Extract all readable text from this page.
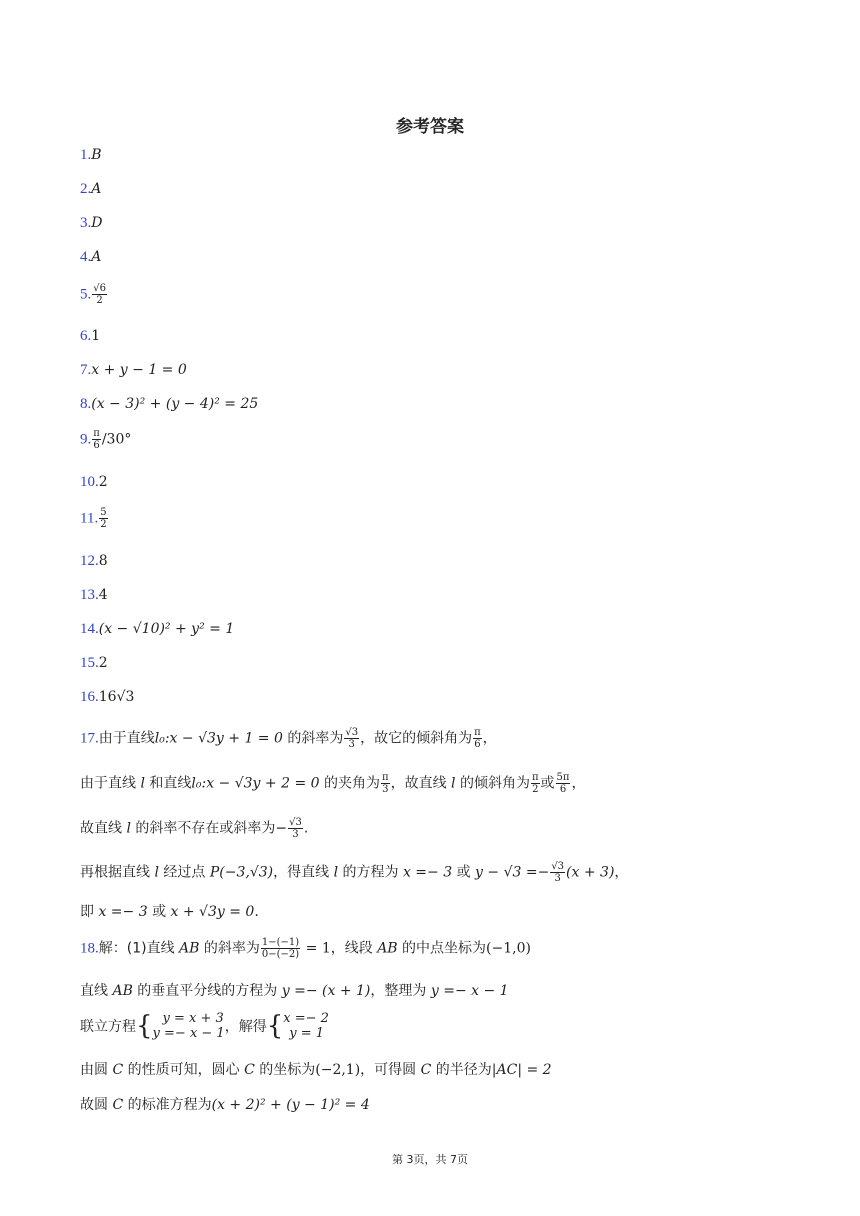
参考答案
1.B
2.A
3.D
4.A
5. $\frac{√6}{2}$
6.1
7.x + y − 1 = 0
8.(x − 3)² + (y − 4)² = 25
9. $\frac{\pi}{6} /30^\circ$
10.2
11. $\frac{5}{2}$
12.8
13.4
14.(x − √10)² + y² = 1
15.2
16.16√3
17.由于直线l₀:x − √3y + 1 = 0 的斜率为 $\frac{√3}{3}$ ，故它的倾斜角为 $\frac{\pi}{6}$ ，
由于直线 l 和直线l₀:x − √3y + 2 = 0 的夹角为 $\frac{\pi}{3}$ ，故直线 l 的倾斜角为 $\frac{\pi}{2}$ 或 $\frac{5\pi}{6}$ ，
故直线 l 的斜率不存在或斜率为− $\frac{√3}{3}$ .
再根据直线 l 经过点 P(−3,√3)，得直线 l 的方程为 x =− 3 或 $y - √3 =- \frac{√3}{3} (x + 3)$，
即 x =− 3 或 x + √3y = 0.
18.解：(1)直线 AB 的斜率为 $\frac{1-(-1)}{0-(-2)} = 1$，线段 AB 的中点坐标为(−1,0)
直线 AB 的垂直平分线的方程为 y =− (x + 1)，整理为 y =− x − 1
联立方程{ y = x + 3
y =− x − 1 ，解得{ x =− 2
y = 1
由圆 C 的性质可知，圆心 C 的坐标为(−2,1)，可得圆 C 的半径为|AC| = 2
故圆 C 的标准方程为(x + 2)² + (y − 1)² = 4
第 3页，共 7页
